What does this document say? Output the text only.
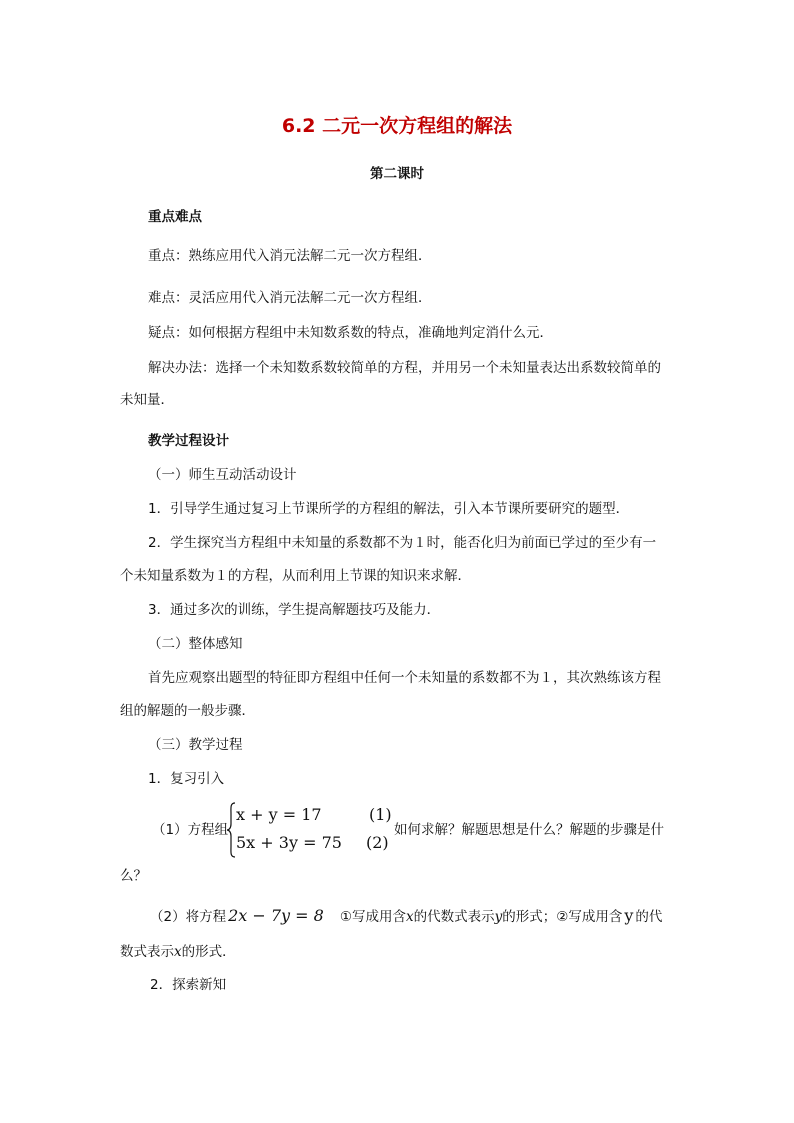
6.2 二元一次方程组的解法
第二课时
重点难点
重点：熟练应用代入消元法解二元一次方程组．
难点：灵活应用代入消元法解二元一次方程组．
疑点：如何根据方程组中未知数系数的特点，准确地判定消什么元．
解决办法：选择一个未知数系数较简单的方程，并用另一个未知量表达出系数较简单的
未知量．
教学过程设计
（一）师生互动活动设计
1．引导学生通过复习上节课所学的方程组的解法，引入本节课所要研究的题型．
2．学生探究当方程组中未知量的系数都不为１时，能否化归为前面已学过的至少有一
个未知量系数为１的方程，从而利用上节课的知识来求解．
3．通过多次的训练，学生提高解题技巧及能力．
（二）整体感知
首先应观察出题型的特征即方程组中任何一个未知量的系数都不为１，其次熟练该方程
组的解题的一般步骤．
（三）教学过程
1．复习引入
（1）方程组
x + y = 17
5x + 3y = 75
(1)
(2)
如何求解？解题思想是什么？解题的步骤是什
么？
（2）将方程 2x − 7y = 8 ①写成用含x的代数式表示y的形式；②写成用含 y 的代
数式表示x的形式．
2．探索新知
